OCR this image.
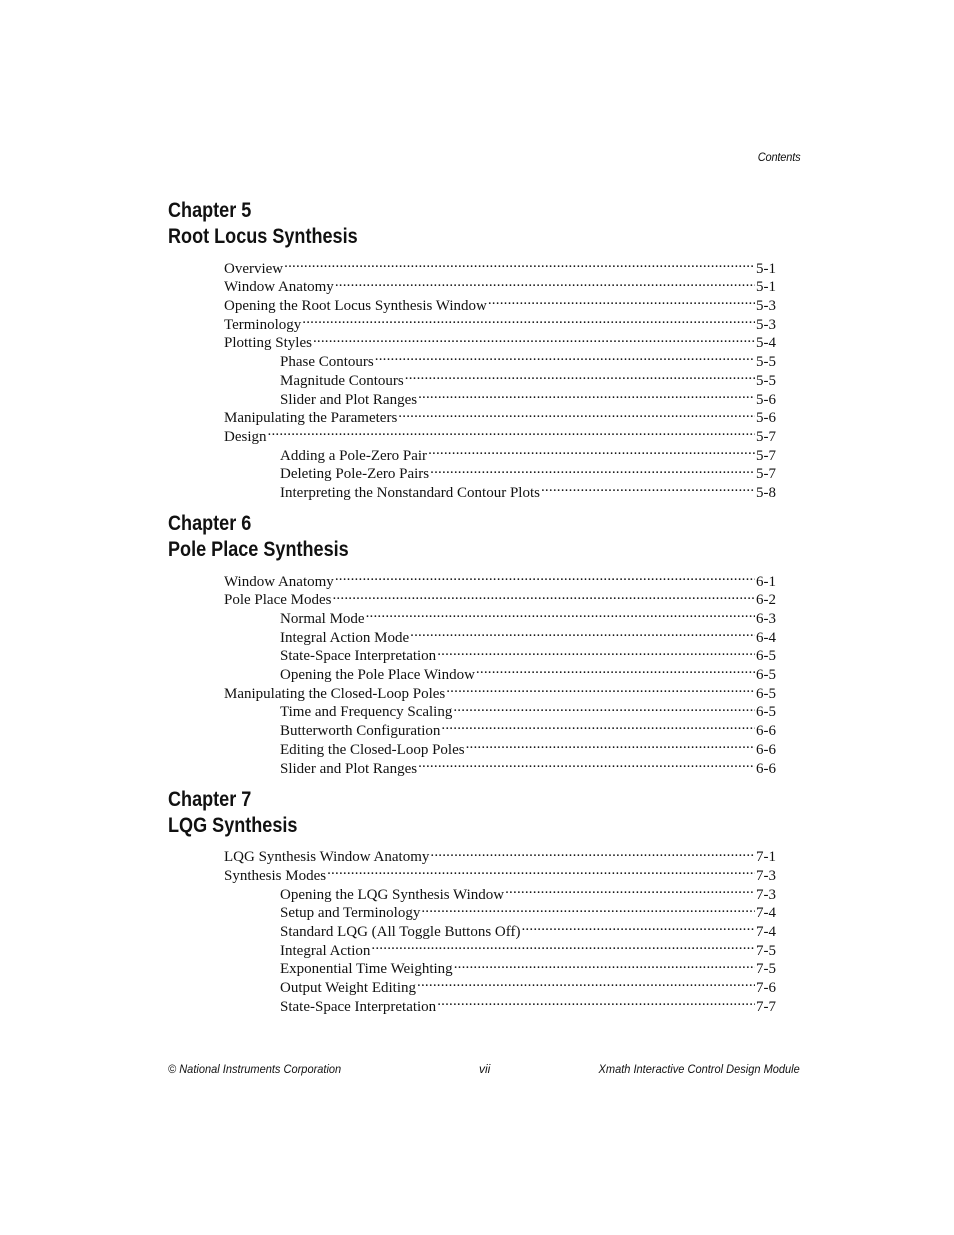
Contents
Chapter 5
Root Locus Synthesis
Overview .....	5-1
Window Anatomy .....	5-1
Opening the Root Locus Synthesis Window .....	5-3
Terminology .....	5-3
Plotting Styles .....	5-4
Phase Contours .....	5-5
Magnitude Contours .....	5-5
Slider and Plot Ranges .....	5-6
Manipulating the Parameters .....	5-6
Design .....	5-7
Adding a Pole-Zero Pair .....	5-7
Deleting Pole-Zero Pairs .....	5-7
Interpreting the Nonstandard Contour Plots .....	5-8
Chapter 6
Pole Place Synthesis
Window Anatomy .....	6-1
Pole Place Modes .....	6-2
Normal Mode .....	6-3
Integral Action Mode .....	6-4
State-Space Interpretation .....	6-5
Opening the Pole Place Window .....	6-5
Manipulating the Closed-Loop Poles .....	6-5
Time and Frequency Scaling .....	6-5
Butterworth Configuration .....	6-6
Editing the Closed-Loop Poles .....	6-6
Slider and Plot Ranges .....	6-6
Chapter 7
LQG Synthesis
LQG Synthesis Window Anatomy .....	7-1
Synthesis Modes .....	7-3
Opening the LQG Synthesis Window .....	7-3
Setup and Terminology .....	7-4
Standard LQG (All Toggle Buttons Off) .....	7-4
Integral Action .....	7-5
Exponential Time Weighting .....	7-5
Output Weight Editing .....	7-6
State-Space Interpretation .....	7-7
© National Instruments Corporation	vii	Xmath Interactive Control Design Module
